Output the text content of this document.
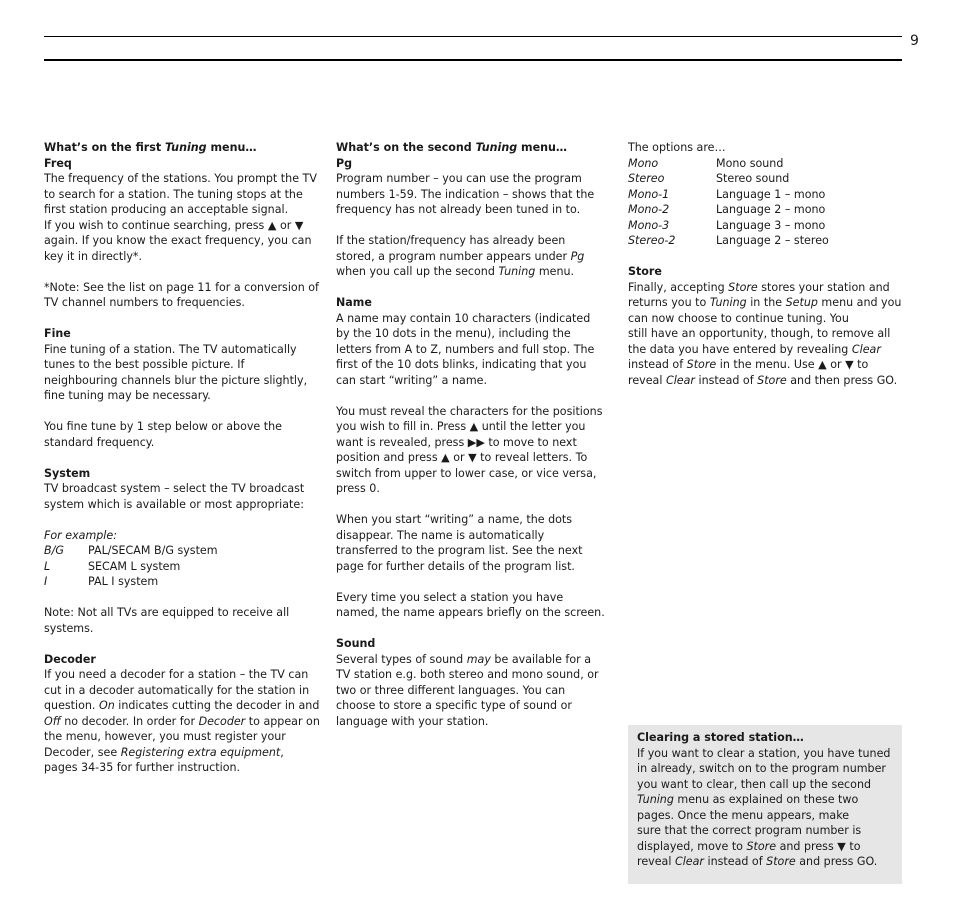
9

What’s on the first Tuning menu…

Freq

The frequency of the stations. You prompt the TV to search for a station. The tuning stops at the first station producing an acceptable signal.

If you wish to continue searching, press ▲ or ▼ again. If you know the exact frequency, you can key it in directly*.

*Note: See the list on page 11 for a conversion of TV channel numbers to frequencies.

Fine

Fine tuning of a station. The TV automatically tunes to the best possible picture. If neighbouring channels blur the picture slightly, fine tuning may be necessary.

You fine tune by 1 step below or above the standard frequency.

System

TV broadcast system – select the TV broadcast system which is available or most appropriate:

For example:

B/G	PAL/SECAM B/G system
L	SECAM L system
I	PAL I system

Note: Not all TVs are equipped to receive all systems.

Decoder

If you need a decoder for a station – the TV can cut in a decoder automatically for the station in question. On indicates cutting the decoder in and Off no decoder. In order for Decoder to appear on the menu, however, you must register your Decoder, see Registering extra equipment, pages 34-35 for further instruction.

What’s on the second Tuning menu…

Pg

Program number – you can use the program numbers 1-59. The indication – shows that the frequency has not already been tuned in to.

If the station/frequency has already been stored, a program number appears under Pg when you call up the second Tuning menu.

Name

A name may contain 10 characters (indicated by the 10 dots in the menu), including the letters from A to Z, numbers and full stop. The first of the 10 dots blinks, indicating that you can start “writing” a name.

You must reveal the characters for the positions you wish to fill in. Press ▲ until the letter you want is revealed, press ▶▶ to move to next position and press ▲ or ▼ to reveal letters. To switch from upper to lower case, or vice versa, press 0.

When you start “writing” a name, the dots disappear. The name is automatically transferred to the program list. See the next page for further details of the program list.

Every time you select a station you have named, the name appears briefly on the screen.

Sound

Several types of sound may be available for a TV station e.g. both stereo and mono sound, or two or three different languages. You can choose to store a specific type of sound or language with your station.

The options are…

Mono	Mono sound
Stereo	Stereo sound
Mono-1	Language 1 – mono
Mono-2	Language 2 – mono
Mono-3	Language 3 – mono
Stereo-2	Language 2 – stereo

Store

Finally, accepting Store stores your station and returns you to Tuning in the Setup menu and you can now choose to continue tuning. You

still have an opportunity, though, to remove all the data you have entered by revealing Clear instead of Store in the menu. Use ▲ or ▼ to reveal Clear instead of Store and then press GO.

Clearing a stored station…

If you want to clear a station, you have tuned in already, switch on to the program number you want to clear, then call up the second Tuning menu as explained on these two pages. Once the menu appears, make

sure that the correct program number is displayed, move to Store and press ▼ to reveal Clear instead of Store and press GO.
